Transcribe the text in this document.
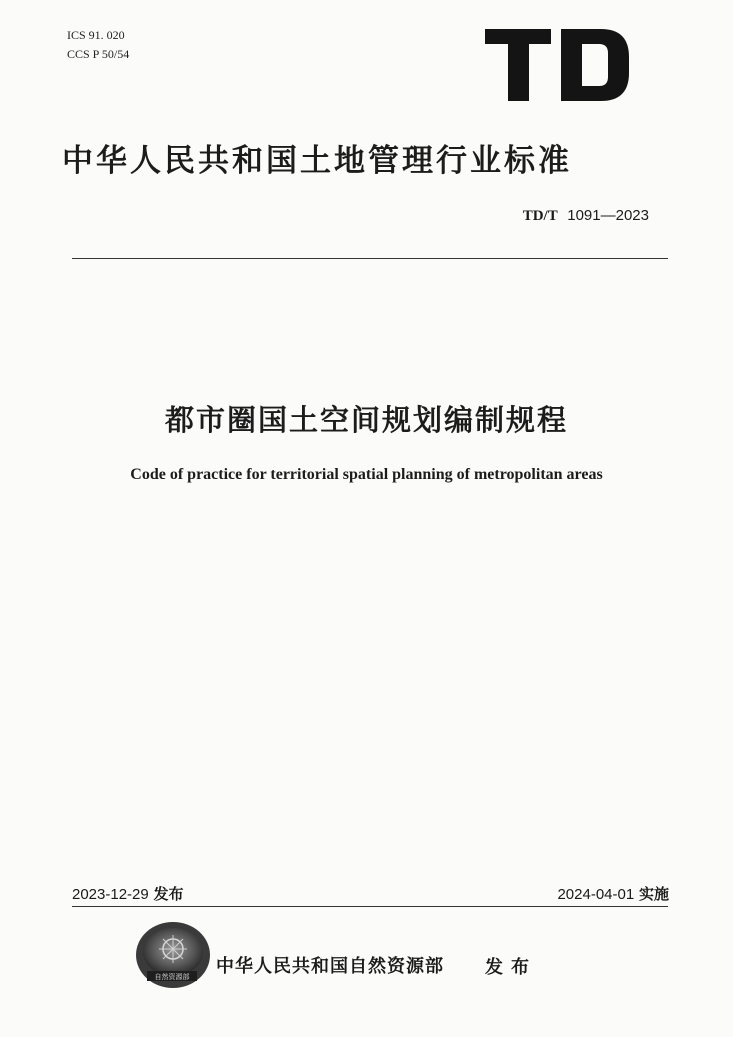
ICS 91. 020
CCS P 50/54
中华人民共和国土地管理行业标准
TD/T 1091—2023
都市圈国土空间规划编制规程
Code of practice for territorial spatial planning of metropolitan areas
2023-12-29 发布	2024-04-01 实施
自然资源部 中华人民共和国自然资源部 发布
